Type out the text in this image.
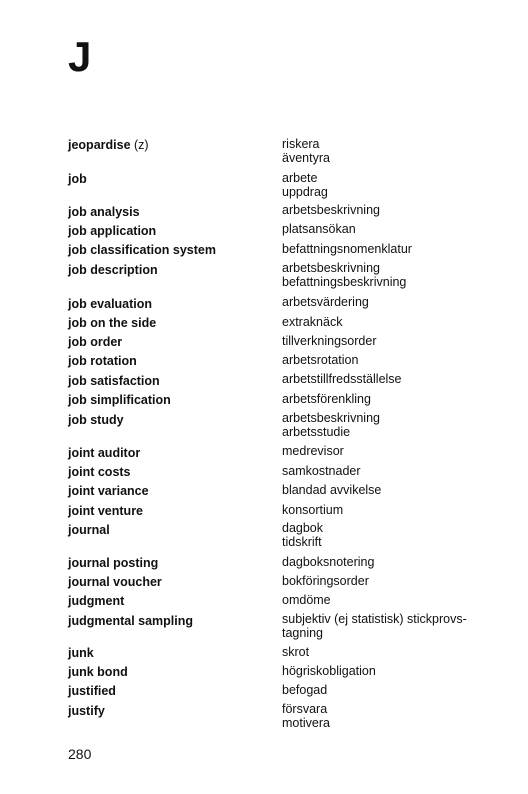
J
jeopardise (z)	riskera
äventyra
job	arbete
uppdrag
job analysis	arbetsbeskrivning
job application	platsansökan
job classification system	befattningsnomenklatur
job description	arbetsbeskrivning
befattningsbeskrivning
job evaluation	arbetsvärdering
job on the side	extraknäck
job order	tillverkningsorder
job rotation	arbetsrotation
job satisfaction	arbetstillfredsställelse
job simplification	arbetsförenkling
job study	arbetsbeskrivning
arbetsstudie
joint auditor	medrevisor
joint costs	samkostnader
joint variance	blandad avvikelse
joint venture	konsortium
journal	dagbok
tidskrift
journal posting	dagboksnotering
journal voucher	bokföringsorder
judgment	omdöme
judgmental sampling	subjektiv (ej statistisk) stickprovs-
tagning
junk	skrot
junk bond	högriskobligation
justified	befogad
justify	försvara
motivera
280
